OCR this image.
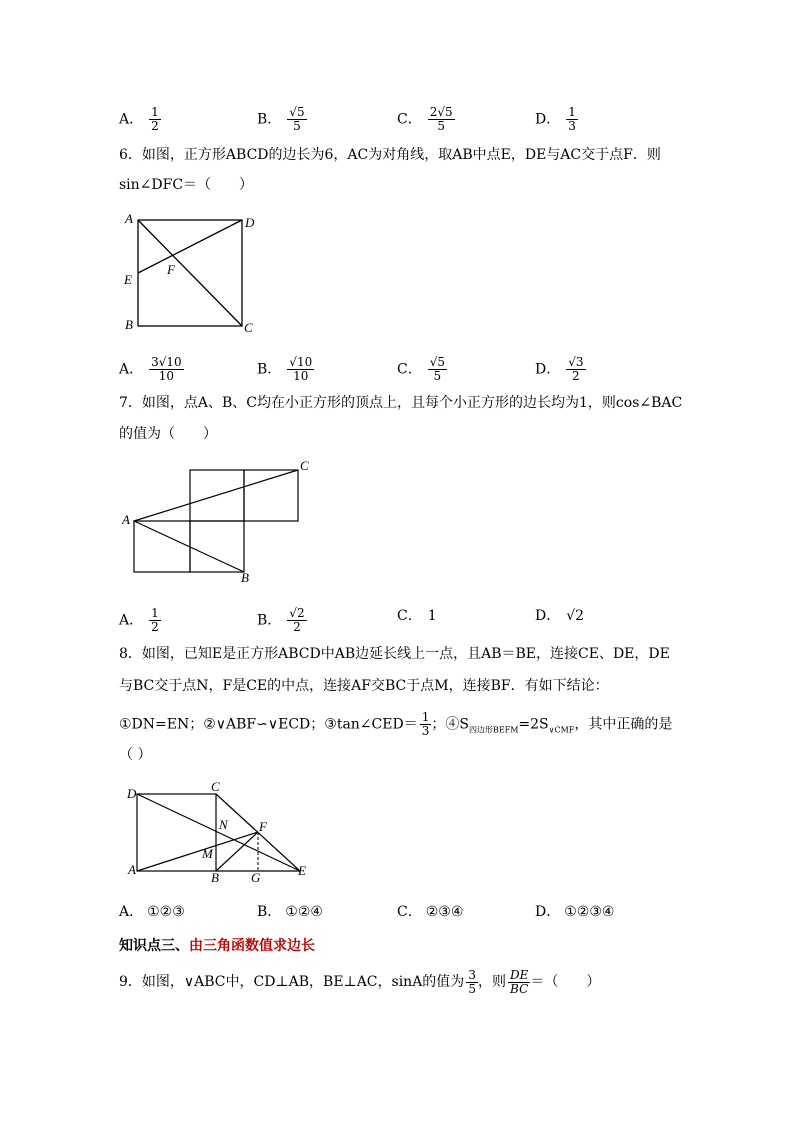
A． $\frac{1}{2}$	B． $\frac{√5}{5}$	C． $\frac{2√5}{5}$	D． $\frac{1}{3}$
6．如图，正方形ABCD的边长为6，AC为对角线，取AB中点E，DE与AC交于点F．则
sin∠DFC＝（　　）
A	D
E
F
B	C
A． $\frac{3√10}{10}$	B． $\frac{√10}{10}$	C． $\frac{√5}{5}$	D． $\frac{√3}{2}$
7．如图，点A、B、C均在小正方形的顶点上，且每个小正方形的边长均为1，则cos∠BAC
的值为（　　）
A
C
B
A． $\frac{1}{2}$	B． $\frac{√2}{2}$	C． 1	D． √2
8．如图，已知E是正方形ABCD中AB边延长线上一点，且AB＝BE，连接CE、DE，DE
与BC交于点N，F是CE的中点，连接AF交BC于点M，连接BF．有如下结论：
①DN=EN；②∨ABF∽∨ECD；③tan∠CED＝ $\frac{1}{3}$ ；$④S_{四边形BEFM}=2S_{\vee CMF}$，其中正确的是
（ ）
D	C
N F
M
A
B G	E
A． ①②③	B． ①②④	C． ②③④	D． ①②③④
知识点三、由三角函数值求边长
9．如图，∨ABC中，CD⊥AB，BE⊥AC，sinA的值为 $\frac{3}{5}$ ，则 $\frac{DE}{BC}$ ＝（　　）
